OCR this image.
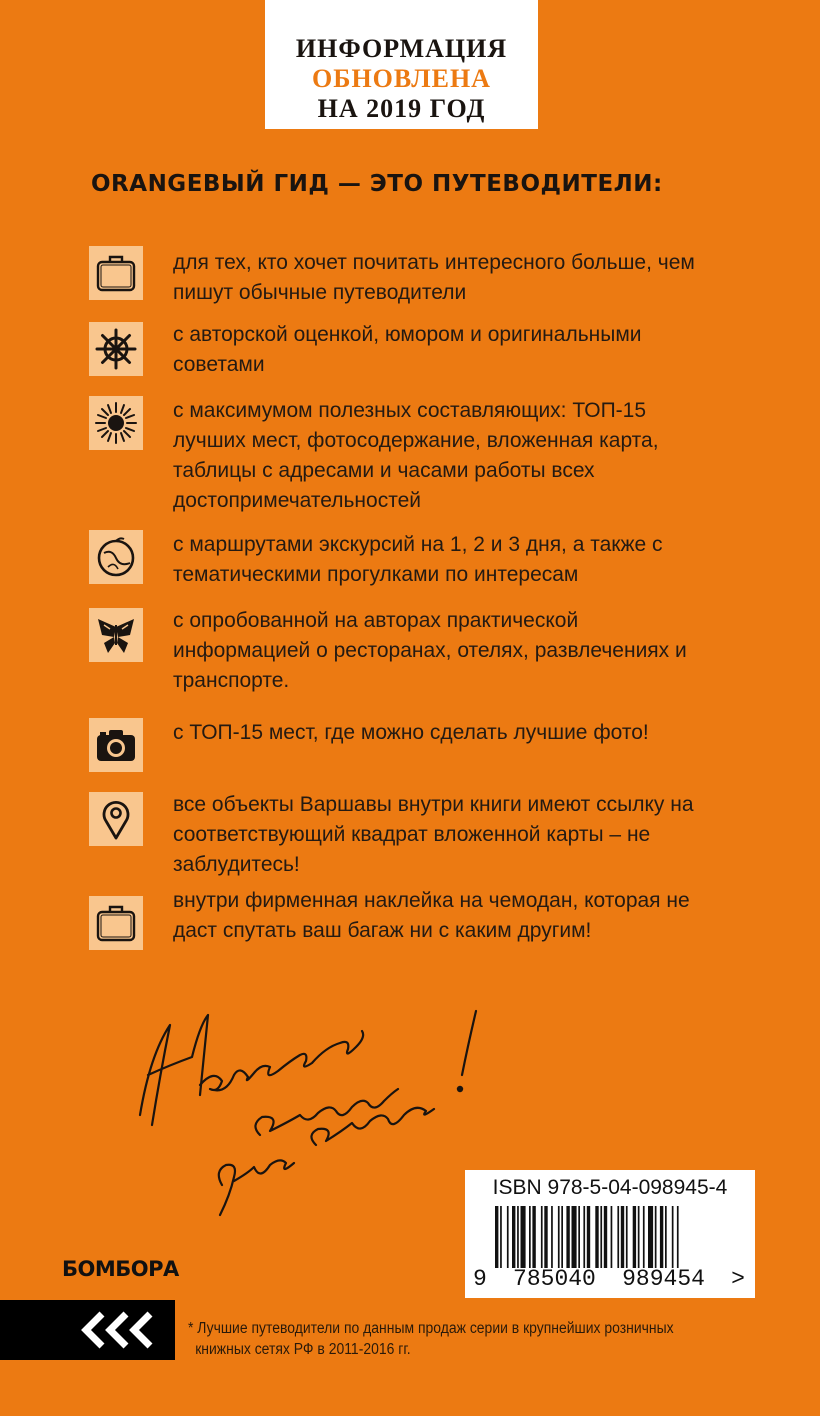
ИНФОРМАЦИЯ
ОБНОВЛЕНА
НА 2019 ГОД
ORANGEВЫЙ ГИД — ЭТО ПУТЕВОДИТЕЛИ:

для тех, кто хочет почитать интересного больше, чем пишут обычные путеводители

с авторской оценкой, юмором и оригинальными советами

с максимумом полезных составляющих: ТОП-15 лучших мест, фотосодержание, вложенная карта, таблицы с адресами и часами работы всех достопримечательностей

с маршрутами экскурсий на 1, 2 и 3 дня, а также с тематическими прогулками по интересам

с опробованной на авторах практической информацией о ресторанах, отелях, развлечениях и транспорте.

с ТОП-15 мест, где можно сделать лучшие фото!

все объекты Варшавы внутри книги имеют ссылку на соответствующий квадрат вложенной карты – не заблудитесь!

внутри фирменная наклейка на чемодан, которая не даст спутать ваш багаж ни с каким другим!

ISBN 978-5-04-098945-4
9 785040 989454 >
БОМБОРА

* Лучшие путеводители по данным продаж серии в крупнейших розничных
книжных сетях РФ в 2011-2016 гг.
